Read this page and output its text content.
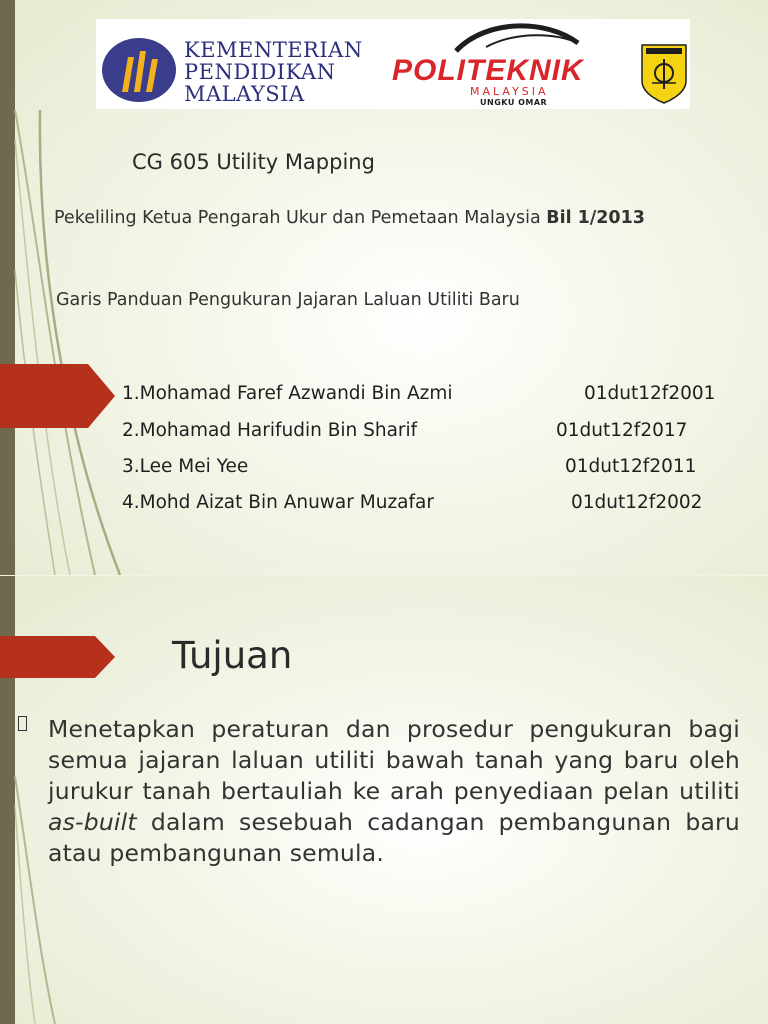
KEMENTERIAN
PENDIDIKAN
MALAYSIA
POLITEKNIK
MALAYSIA
UNGKU OMAR
CG 605 Utility Mapping
Pekeliling Ketua Pengarah Ukur dan Pemetaan Malaysia Bil 1/2013
Garis Panduan Pengukuran Jajaran Laluan Utiliti Baru
1.Mohamad Faref Azwandi Bin Azmi	01dut12f2001
2.Mohamad Harifudin Bin Sharif	01dut12f2017
3.Lee Mei Yee	01dut12f2011
4.Mohd Aizat Bin Anuwar Muzafar	01dut12f2002
Tujuan
Menetapkan peraturan dan prosedur pengukuran bagi semua jajaran laluan utiliti bawah tanah yang baru oleh jurukur tanah bertauliah ke arah penyediaan pelan utiliti as-built dalam sesebuah cadangan pembangunan baru atau pembangunan semula.
